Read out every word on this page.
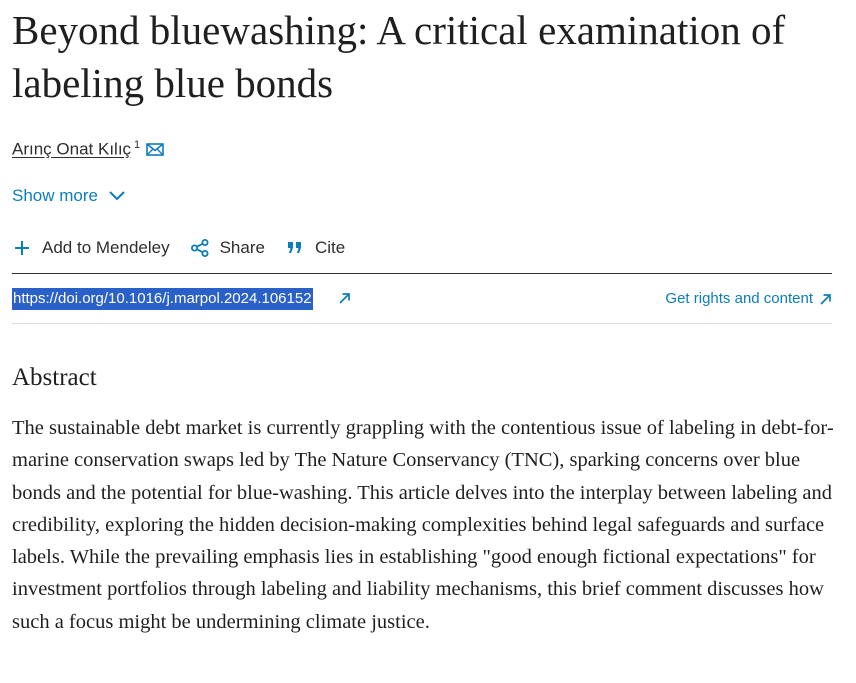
Beyond bluewashing: A critical examination of labeling blue bonds
Arınç Onat Kılıç $^1$
Show more
Add to Mendeley	Share	Cite
https://doi.org/10.1016/j.marpol.2024.106152	Get rights and content
Abstract

The sustainable debt market is currently grappling with the contentious issue of labeling in debt-for-marine conservation swaps led by The Nature Conservancy (TNC), sparking concerns over blue bonds and the potential for blue-washing. This article delves into the interplay between labeling and credibility, exploring the hidden decision-making complexities behind legal safeguards and surface labels. While the prevailing emphasis lies in establishing "good enough fictional expectations" for investment portfolios through labeling and liability mechanisms, this brief comment discusses how such a focus might be undermining climate justice.
